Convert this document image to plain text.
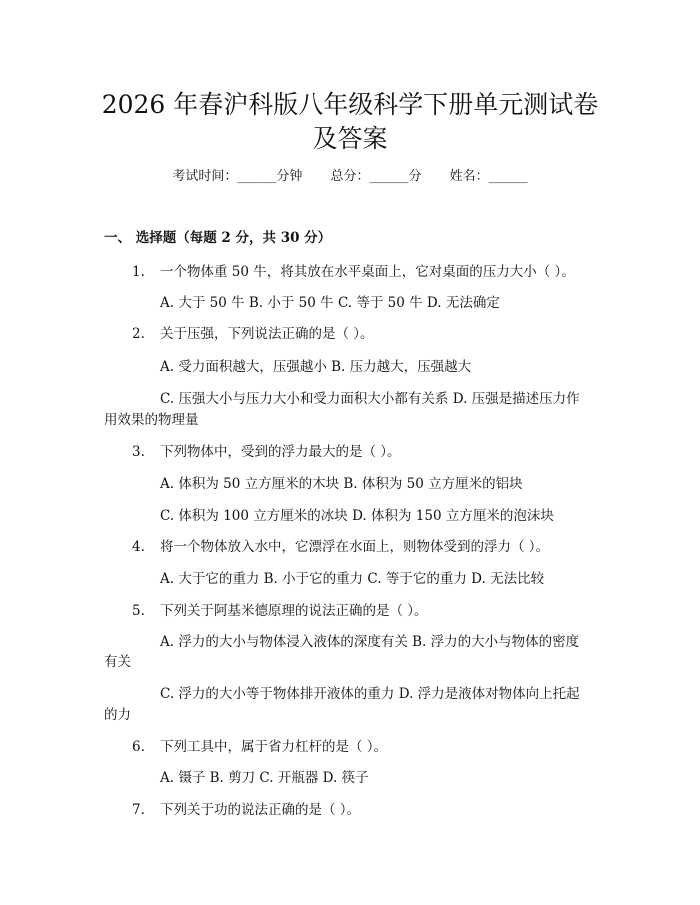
2026 年春沪科版八年级科学下册单元测试卷
及答案
考试时间：______分钟 总分：______分 姓名：______
一、 选择题（每题 2 分，共 30 分）
1. 一个物体重 50 牛，将其放在水平桌面上，它对桌面的压力大小（ ）。
A. 大于 50 牛 B. 小于 50 牛 C. 等于 50 牛 D. 无法确定
2. 关于压强，下列说法正确的是（ ）。
A. 受力面积越大，压强越小 B. 压力越大，压强越大
C. 压强大小与压力大小和受力面积大小都有关系 D. 压强是描述压力作
用效果的物理量
3. 下列物体中，受到的浮力最大的是（ ）。
A. 体积为 50 立方厘米的木块 B. 体积为 50 立方厘米的铝块
C. 体积为 100 立方厘米的冰块 D. 体积为 150 立方厘米的泡沫块
4. 将一个物体放入水中，它漂浮在水面上，则物体受到的浮力（ ）。
A. 大于它的重力 B. 小于它的重力 C. 等于它的重力 D. 无法比较
5. 下列关于阿基米德原理的说法正确的是（ ）。
A. 浮力的大小与物体浸入液体的深度有关 B. 浮力的大小与物体的密度
有关
C. 浮力的大小等于物体排开液体的重力 D. 浮力是液体对物体向上托起
的力
6. 下列工具中，属于省力杠杆的是（ ）。
A. 镊子 B. 剪刀 C. 开瓶器 D. 筷子
7. 下列关于功的说法正确的是（ ）。
